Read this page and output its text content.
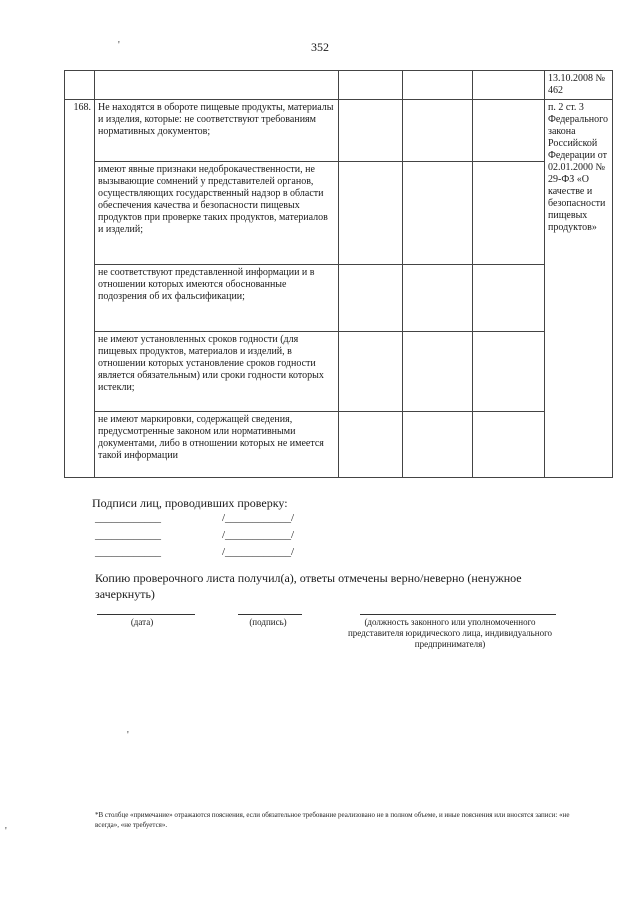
352
'
'
					13.10.2008 № 462
168.	Не находятся в обороте пищевые продукты, материалы и изделия, которые: не соответствуют требованиям нормативных документов;				п. 2 ст. 3 Федерального закона Российской Федерации от 02.01.2000 № 29-ФЗ «О качестве и безопасности пищевых продуктов»
	имеют явные признаки недоброкачественности, не вызывающие сомнений у представителей органов, осуществляющих государственный надзор в области обеспечения качества и безопасности пищевых продуктов при проверке таких продуктов, материалов и изделий;				
	не соответствуют представленной информации и в отношении которых имеются обоснованные подозрения об их фальсификации;				
	не имеют установленных сроков годности (для пищевых продуктов, материалов и изделий, в отношении которых установление сроков годности является обязательным) или сроки годности которых истекли;				
	не имеют маркировки, содержащей сведения, предусмотренные законом или нормативными документами, либо в отношении которых не имеется такой информации				
Подписи лиц, проводивших проверку:
____________	/____________/
____________	/____________/
____________	/____________/
Копию проверочного листа получил(а), ответы отмечены верно/неверно (ненужное зачеркнуть)
(дата)	(подпись)	(должность законного или уполномоченного представителя юридического лица, индивидуального предпринимателя)
'
*В столбце «примечание» отражаются пояснения, если обязательное требование реализовано не в полном объеме, и иные пояснения или вносятся записи: «не всегда», «не требуется».
